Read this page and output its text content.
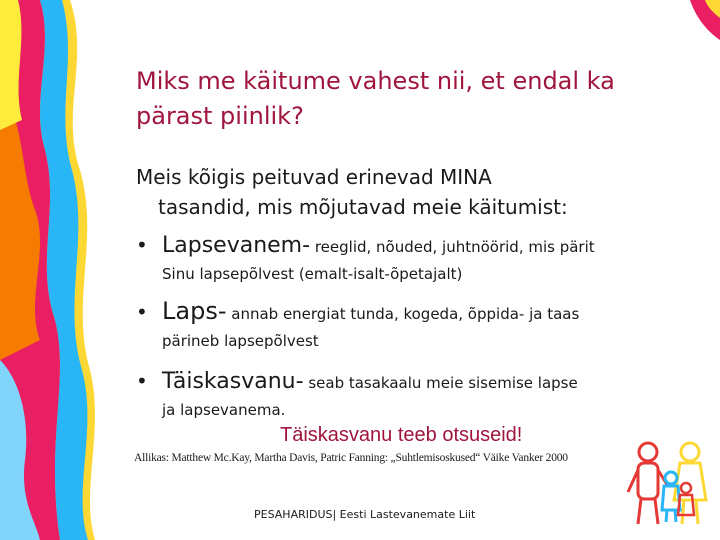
Miks me käitume vahest nii, et endal ka pärast piinlik?
Meis kõigis peituvad erinevad MINA
tasandid, mis mõjutavad meie käitumist:
• Lapsevanem- reeglid, nõuded, juhtnöörid, mis pärit
Sinu lapsepõlvest (emalt-isalt-õpetajalt)
• Laps- annab energiat tunda, kogeda, õppida- ja taas
pärineb lapsepõlvest
• Täiskasvanu- seab tasakaalu meie sisemise lapse
ja lapsevanema.
Täiskasvanu teeb otsuseid!
Allikas: Matthew Mc.Kay, Martha Davis, Patric Fanning: „Suhtlemisoskused“ Väike Vanker 2000
PESAHARIDUS| Eesti Lastevanemate Liit
